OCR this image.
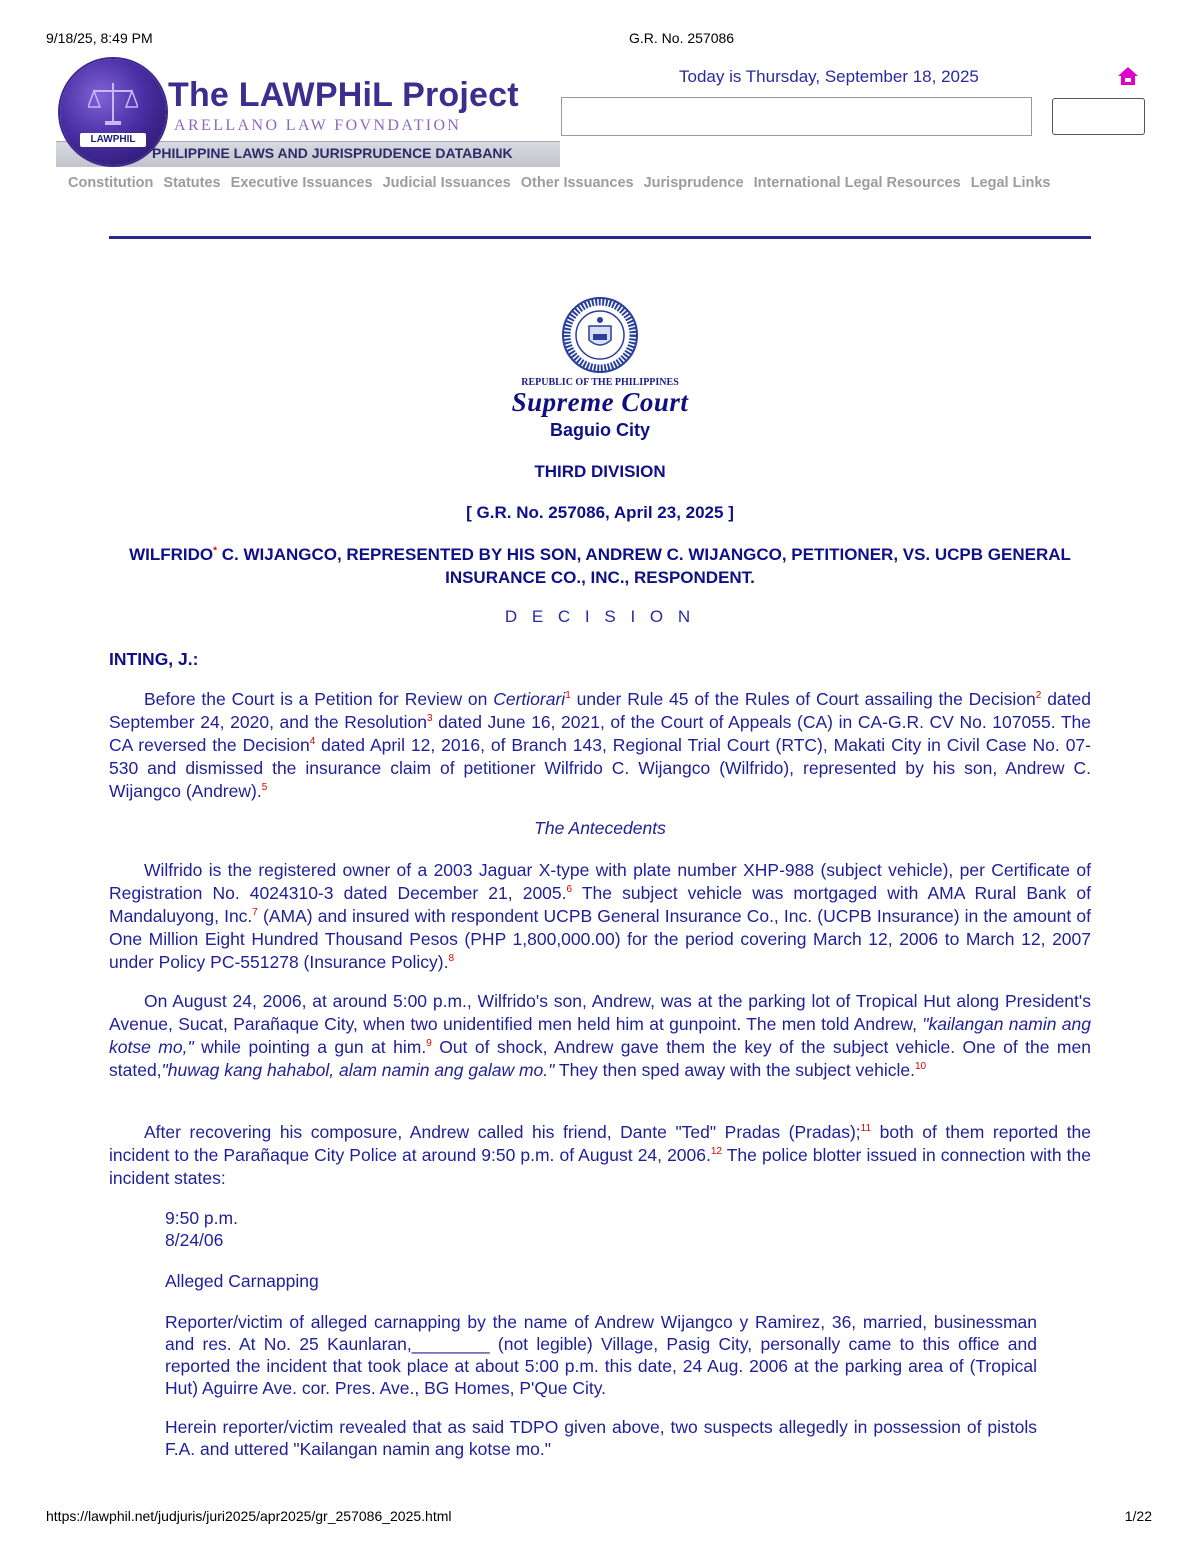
9/18/25, 8:49 PM	G.R. No. 257086
LAWPHIL
The LAWPHiL Project
ARELLANO LAW FOVNDATION
PHILIPPINE LAWS AND JURISPRUDENCE DATABANK
Today is Thursday, September 18, 2025
Constitution Statutes Executive Issuances Judicial Issuances Other Issuances Jurisprudence International Legal Resources Legal Links
REPUBLIC OF THE PHILIPPINES
Supreme Court
Baguio City
THIRD DIVISION
[ G.R. No. 257086, April 23, 2025 ]
WILFRIDO* C. WIJANGCO, REPRESENTED BY HIS SON, ANDREW C. WIJANGCO, PETITIONER, VS. UCPB GENERAL INSURANCE CO., INC., RESPONDENT.
D E C I S I O N
INTING, J.:

Before the Court is a Petition for Review on Certiorari$^1$ under Rule 45 of the Rules of Court assailing the Decision$^2$ dated September 24, 2020, and the Resolution$^3$ dated June 16, 2021, of the Court of Appeals (CA) in CA-G.R. CV No. 107055. The CA reversed the Decision$^4$ dated April 12, 2016, of Branch 143, Regional Trial Court (RTC), Makati City in Civil Case No. 07-530 and dismissed the insurance claim of petitioner Wilfrido C. Wijangco (Wilfrido), represented by his son, Andrew C. Wijangco (Andrew).$^5$

The Antecedents

Wilfrido is the registered owner of a 2003 Jaguar X-type with plate number XHP-988 (subject vehicle), per Certificate of Registration No. 4024310-3 dated December 21, 2005.$^6$ The subject vehicle was mortgaged with AMA Rural Bank of Mandaluyong, Inc.$^7$ (AMA) and insured with respondent UCPB General Insurance Co., Inc. (UCPB Insurance) in the amount of One Million Eight Hundred Thousand Pesos (PHP 1,800,000.00) for the period covering March 12, 2006 to March 12, 2007 under Policy PC-551278 (Insurance Policy).$^8$

On August 24, 2006, at around 5:00 p.m., Wilfrido's son, Andrew, was at the parking lot of Tropical Hut along President's Avenue, Sucat, Parañaque City, when two unidentified men held him at gunpoint. The men told Andrew, "kailangan namin ang kotse mo," while pointing a gun at him.$^9$ Out of shock, Andrew gave them the key of the subject vehicle. One of the men stated,"huwag kang hahabol, alam namin ang galaw mo." They then sped away with the subject vehicle.$^{10}$

After recovering his composure, Andrew called his friend, Dante "Ted" Pradas (Pradas);$^{11}$ both of them reported the incident to the Parañaque City Police at around 9:50 p.m. of August 24, 2006.12 The police blotter issued in connection with the incident states:

9:50 p.m.
8/24/06
Alleged Carnapping

Reporter/victim of alleged carnapping by the name of Andrew Wijangco y Ramirez, 36, married, businessman and res. At No. 25 Kaunlaran,________ (not legible) Village, Pasig City, personally came to this office and reported the incident that took place at about 5:00 p.m. this date, 24 Aug. 2006 at the parking area of (Tropical Hut) Aguirre Ave. cor. Pres. Ave., BG Homes, P'Que City.

Herein reporter/victim revealed that as said TDPO given above, two suspects allegedly in possession of pistols F.A. and uttered "Kailangan namin ang kotse mo."

https://lawphil.net/judjuris/juri2025/apr2025/gr_257086_2025.html	1/22
